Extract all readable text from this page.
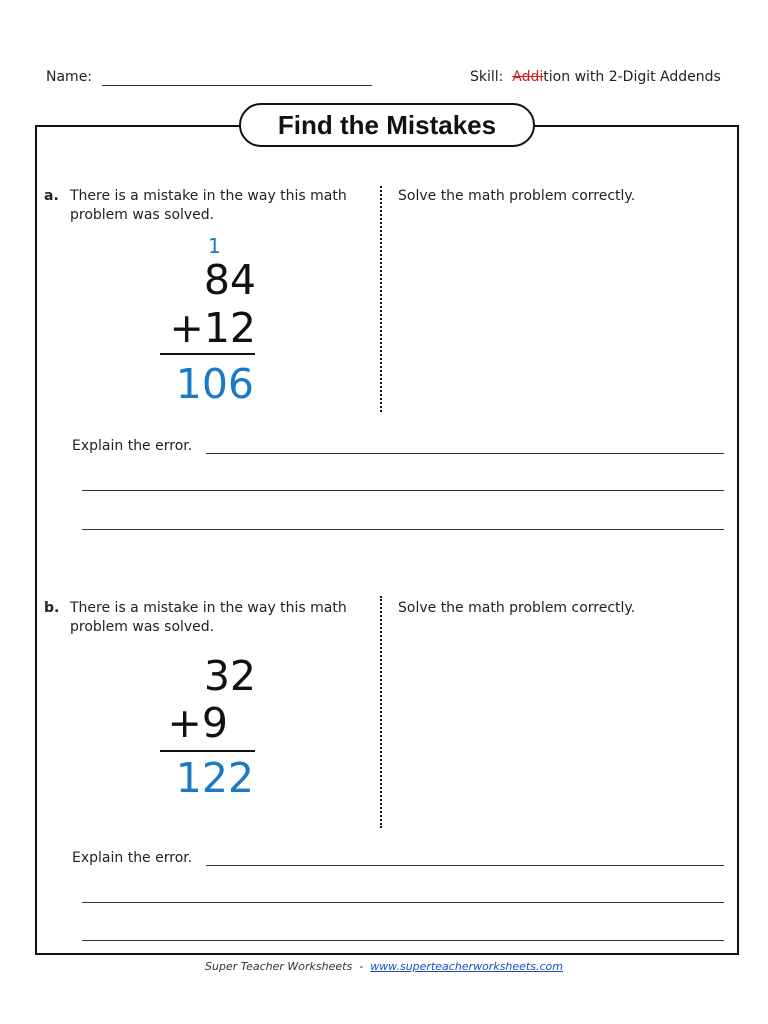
Name:	Skill: Addition with 2-Digit Addends
Find the Mistakes
a. There is a mistake in the way this math problem was solved.
Solve the math problem correctly.
1
84
+12
106
Explain the error.
b. There is a mistake in the way this math problem was solved.
Solve the math problem correctly.
32
+9
122
Explain the error.
Super Teacher Worksheets - www.superteacherworksheets.com
